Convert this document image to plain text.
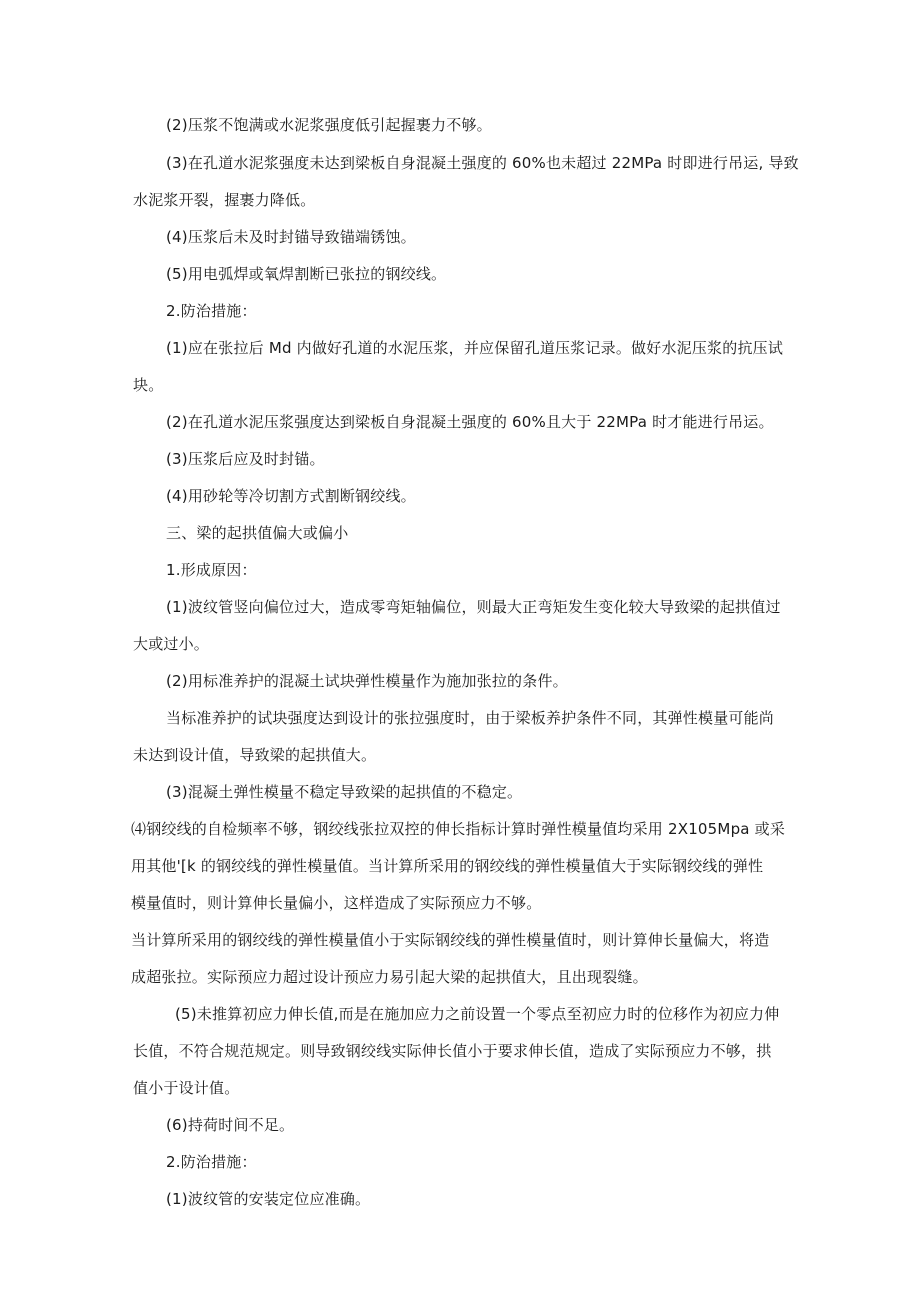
(2)压浆不饱满或水泥浆强度低引起握裹力不够。
(3)在孔道水泥浆强度未达到梁板自身混凝土强度的 60%也未超过 22MPa 时即进行吊运, 导致
水泥浆开裂，握裹力降低。
(4)压浆后未及时封锚导致锚端锈蚀。
(5)用电弧焊或氧焊割断已张拉的钢绞线。
2.防治措施：
(1)应在张拉后 Md 内做好孔道的水泥压浆，并应保留孔道压浆记录。做好水泥压浆的抗压试
块。
(2)在孔道水泥压浆强度达到梁板自身混凝土强度的 60%且大于 22MPa 时才能进行吊运。
(3)压浆后应及时封锚。
(4)用砂轮等冷切割方式割断钢绞线。
三、梁的起拱值偏大或偏小
1.形成原因：
(1)波纹管竖向偏位过大，造成零弯矩轴偏位，则最大正弯矩发生变化较大导致梁的起拱值过
大或过小。
(2)用标准养护的混凝土试块弹性模量作为施加张拉的条件。
当标准养护的试块强度达到设计的张拉强度时，由于梁板养护条件不同，其弹性模量可能尚
未达到设计值，导致梁的起拱值大。
(3)混凝土弹性模量不稳定导致梁的起拱值的不稳定。
⑷钢绞线的自检频率不够，钢绞线张拉双控的伸长指标计算时弹性模量值均采用 2X105Mpa 或采
用其他'[k 的钢绞线的弹性模量值。当计算所采用的钢绞线的弹性模量值大于实际钢绞线的弹性
模量值时，则计算伸长量偏小，这样造成了实际预应力不够。
当计算所采用的钢绞线的弹性模量值小于实际钢绞线的弹性模量值时，则计算伸长量偏大，将造
成超张拉。实际预应力超过设计预应力易引起大梁的起拱值大，且出现裂缝。
(5)未推算初应力伸长值,而是在施加应力之前设置一个零点至初应力时的位移作为初应力伸
长值，不符合规范规定。则导致钢绞线实际伸长值小于要求伸长值，造成了实际预应力不够，拱
值小于设计值。
(6)持荷时间不足。
2.防治措施：
(1)波纹管的安装定位应准确。
